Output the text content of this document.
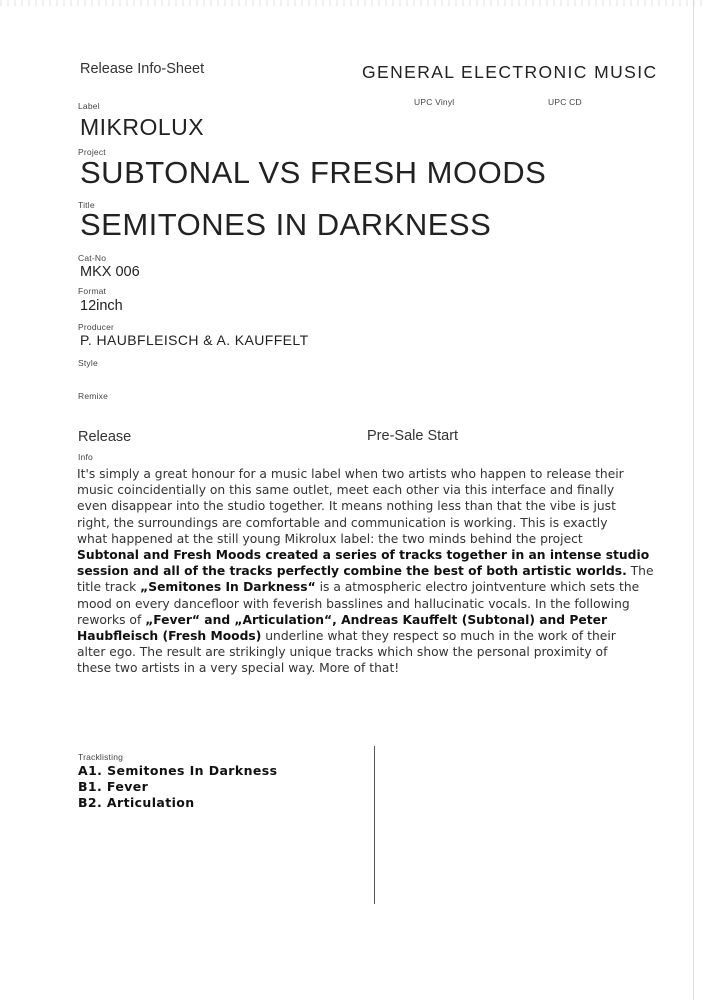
Release Info-Sheet	GENERAL ELECTRONIC MUSIC
UPC Vinyl	UPC CD
Label
MIKROLUX
Project
SUBTONAL VS FRESH MOODS
Title
SEMITONES IN DARKNESS
Cat-No
MKX 006
Format
12inch
Producer
P. HAUBFLEISCH & A. KAUFFELT
Style
Remixe
Release	Pre-Sale Start
Info
It's simply a great honour for a music label when two artists who happen to release their
music coincidentially on this same outlet, meet each other via this interface and finally
even disappear into the studio together. It means nothing less than that the vibe is just
right, the surroundings are comfortable and communication is working. This is exactly
what happened at the still young Mikrolux label: the two minds behind the project
Subtonal and Fresh Moods created a series of tracks together in an intense studio
session and all of the tracks perfectly combine the best of both artistic worlds. The
title track „Semitones In Darkness“ is a atmospheric electro jointventure which sets the
mood on every dancefloor with feverish basslines and hallucinatic vocals. In the following
reworks of „Fever“ and „Articulation“, Andreas Kauffelt (Subtonal) and Peter
Haubfleisch (Fresh Moods) underline what they respect so much in the work of their
alter ego. The result are strikingly unique tracks which show the personal proximity of
these two artists in a very special way. More of that!
Tracklisting
A1. Semitones In Darkness
B1. Fever
B2. Articulation
